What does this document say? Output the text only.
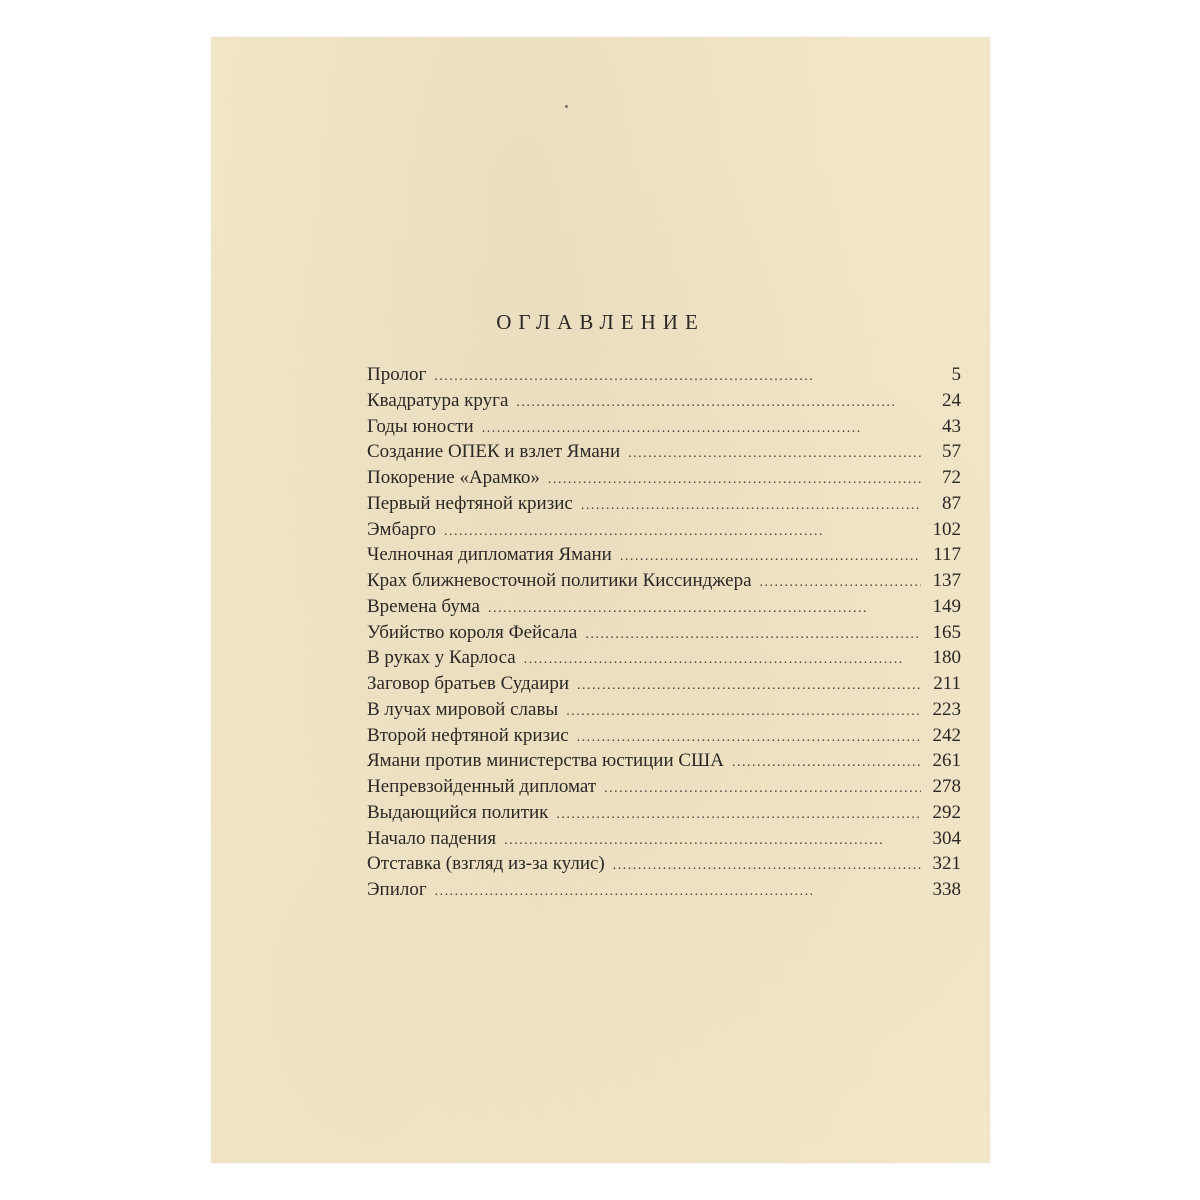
ОГЛАВЛЕНИЕ
Пролог . . .	5
Квадратура круга . . .	24
Годы юности . . .	43
Создание ОПЕК и взлет Ямани . . .	57
Покорение «Арамко» . . .	72
Первый нефтяной кризис . . .	87
Эмбарго . . .	102
Челночная дипломатия Ямани . . .	117
Крах ближневосточной политики Киссинджера . . .	137
Времена бума . . .	149
Убийство короля Фейсала . . .	165
В руках у Карлоса . . .	180
Заговор братьев Судаири . . .	211
В лучах мировой славы . . .	223
Второй нефтяной кризис . . .	242
Ямани против министерства юстиции США . . .	261
Непревзойденный дипломат . . .	278
Выдающийся политик . . .	292
Начало падения . . .	304
Отставка (взгляд из-за кулис) . . .	321
Эпилог . . .	338
